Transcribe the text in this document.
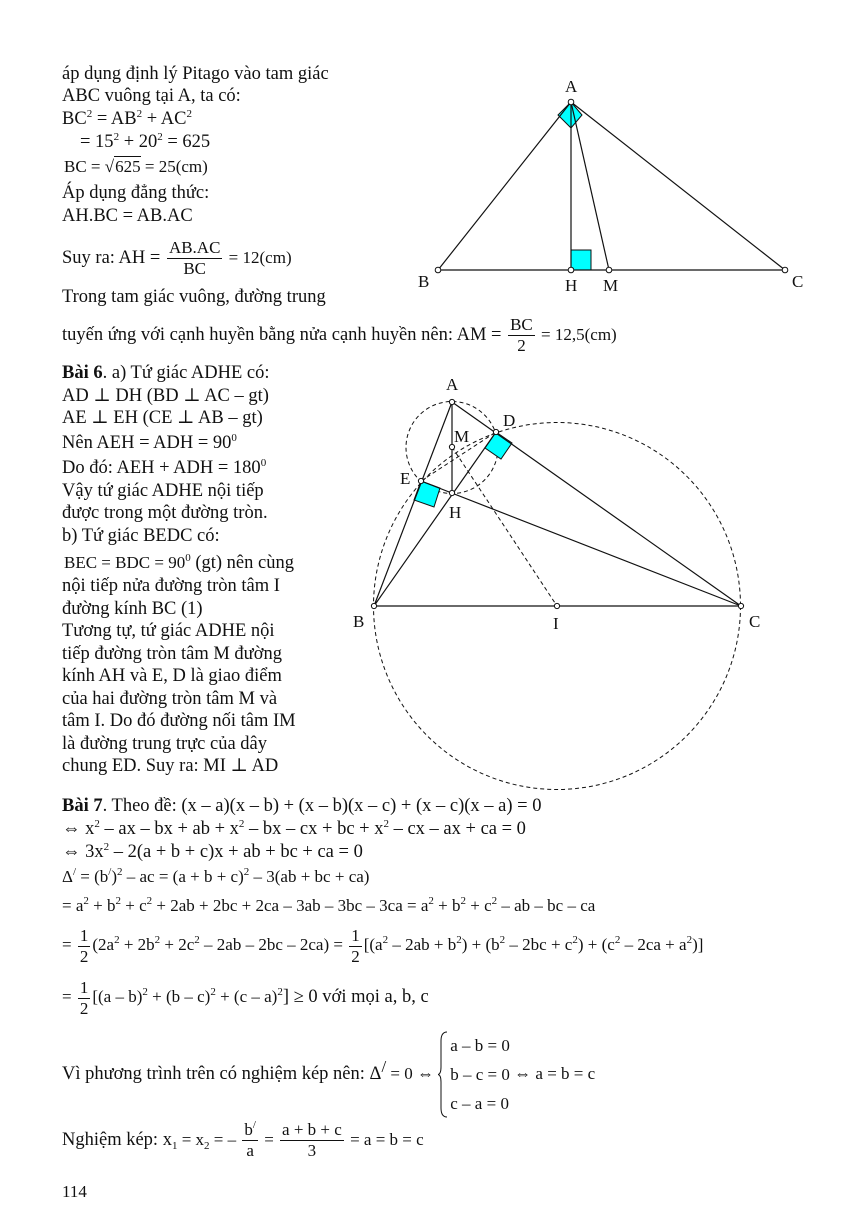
áp dụng định lý Pitago vào tam giác
ABC vuông tại A, ta có:
$BC^2 = AB^2 + AC^2$
= $15^2 + 20^2 = 625$
BC = √625 = 25(cm)
Áp dụng đẳng thức:
AH.BC = AB.AC
Suy ra: AH = $\frac{AB.AC}{BC} = 12(cm)$
Trong tam giác vuông, đường trung
tuyến ứng với cạnh huyền bằng nửa cạnh huyền nên: AM = $\frac{BC}{2} = 12,5(cm)$
A
B	C
H M
Bài 6. a) Tứ giác ADHE có:
AD ⊥ DH (BD ⊥ AC – gt)
AE ⊥ EH (CE ⊥ AB – gt)
Nên AEH = ADH = $90^0$
Do đó: AEH + ADH = $180^0$
Vậy tứ giác ADHE nội tiếp
được trong một đường tròn.
b) Tứ giác BEDC có:
BEC = BDC = $90^0$ (gt) nên cùng
nội tiếp nửa đường tròn tâm I
đường kính BC (1)
Tương tự, tứ giác ADHE nội
tiếp đường tròn tâm M đường
kính AH và E, D là giao điểm
của hai đường tròn tâm M và
tâm I. Do đó đường nối tâm IM
là đường trung trực của dây
chung ED. Suy ra: MI ⊥ AD
A
D
M
E
H
B	I	C
Bài 7. Theo đề: (x – a)(x – b) + (x – b)(x – c) + (x – c)(x – a) = 0
⇔ $x^2$ – ax – bx + ab + $x^2$ – bx – cx + bc + $x^2$ – cx – ax + ca = 0
⇔ $3x^2 - 2(a + b + c)x$ + ab + bc + ca = 0
$\Delta^/ = (b^/)^2$ – ac = $(a + b + c)^2 - 3(ab$ + bc + ca)
= $a^2 + b^2 + c^2 + 2ab + 2bc + 2ca - 3ab - 3bc - 3ca = a^2 + b^2 + c^2$ – ab – bc – ca
= $\frac{1}{2} (2a^2 + 2b^2 + 2c^2 - 2ab - 2bc - 2ca) = \frac{1}{2} [(a^2 - 2ab + b^2) + (b^2 - 2bc + c^2) + (c^2 - 2ca + a^2)]$
= $\frac{1}{2} [(a - b)^2 + (b - c)^2 + (c - a)^2] \ge 0$ với mọi a, b, c
Vì phương trình trên có nghiệm kép nên: Δ/ = 0 ⇔
a – b = 0
b – c = 0
c – a = 0
⇔ a = b = c
Nghiệm kép: $x_1 = x_2$ = – $\frac{b^/}{a} = \frac{a + b + c}{3} = a = b = c$
114
